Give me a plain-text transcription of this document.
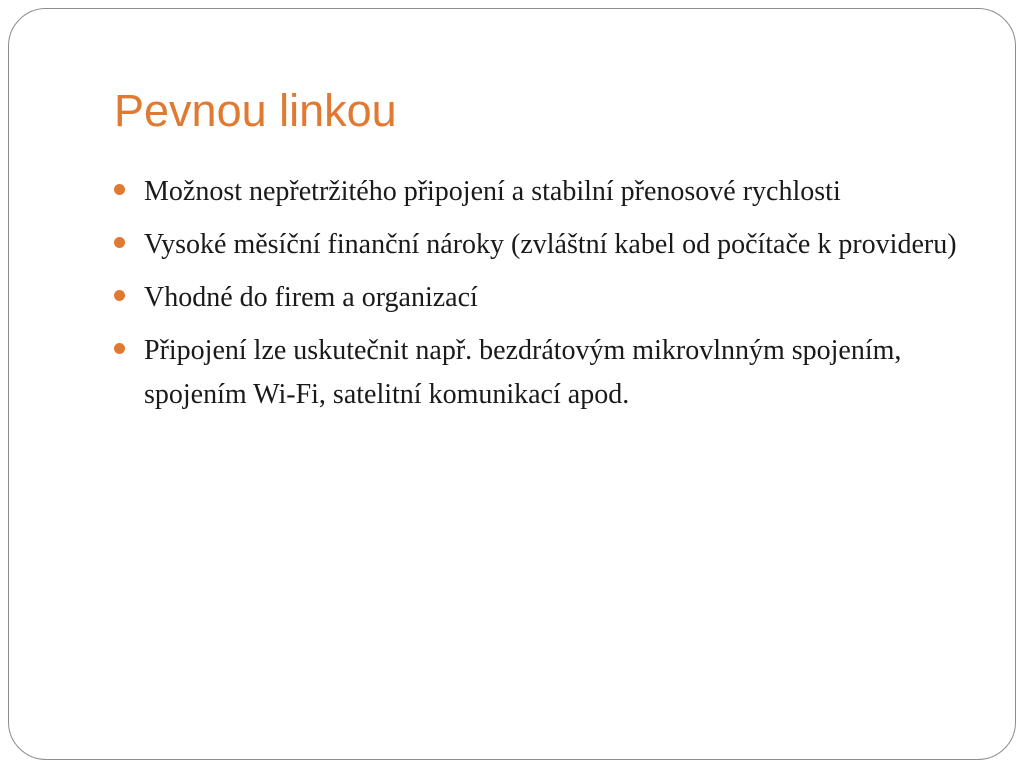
Pevnou linkou
Možnost nepřetržitého připojení a stabilní přenosové rychlosti
Vysoké měsíční finanční nároky (zvláštní kabel od počítače k provideru)
Vhodné do firem a organizací
Připojení lze uskutečnit např. bezdrátovým mikrovlnným spojením, spojením Wi-Fi, satelitní komunikací apod.
